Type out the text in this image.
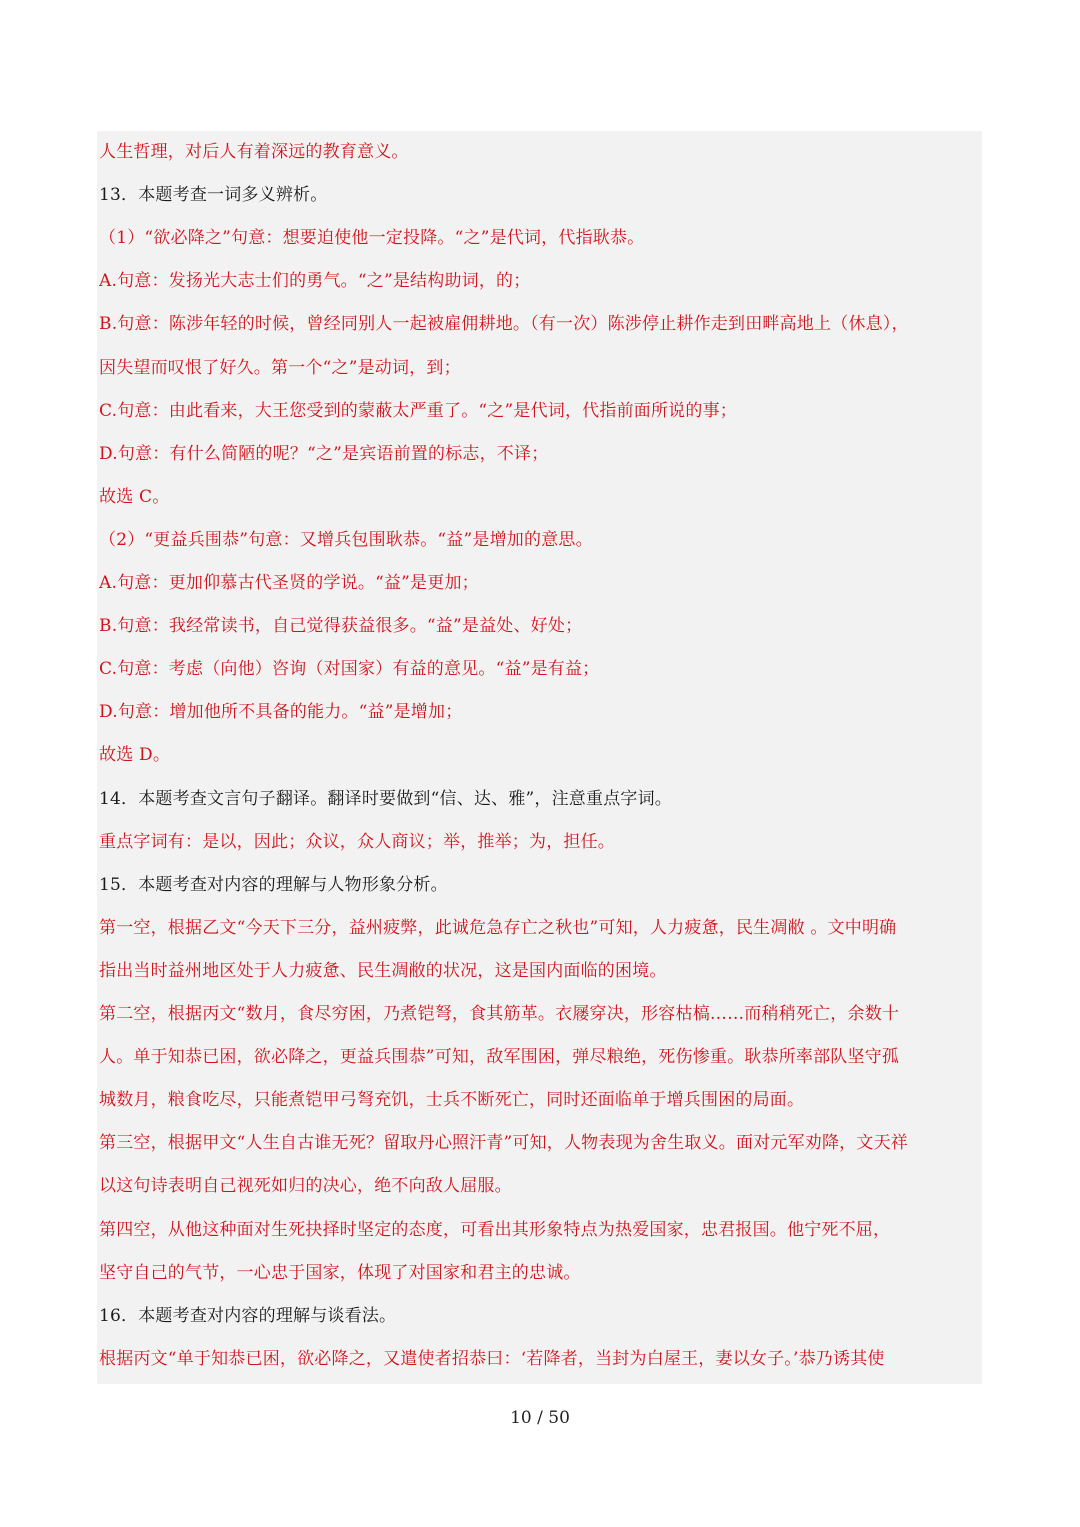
人生哲理，对后人有着深远的教育意义。
13．本题考查一词多义辨析。
（1）“欲必降之”句意：想要迫使他一定投降。“之”是代词，代指耿恭。
A.句意：发扬光大志士们的勇气。“之”是结构助词，的；
B.句意：陈涉年轻的时候，曾经同别人一起被雇佣耕地。（有一次）陈涉停止耕作走到田畔高地上（休息），
因失望而叹恨了好久。第一个“之”是动词，到；
C.句意：由此看来，大王您受到的蒙蔽太严重了。“之”是代词，代指前面所说的事；
D.句意：有什么简陋的呢？“之”是宾语前置的标志，不译；
故选 C。
（2）“更益兵围恭”句意：又增兵包围耿恭。“益”是增加的意思。
A.句意：更加仰慕古代圣贤的学说。“益”是更加；
B.句意：我经常读书，自己觉得获益很多。“益”是益处、好处；
C.句意：考虑（向他）咨询（对国家）有益的意见。“益”是有益；
D.句意：增加他所不具备的能力。“益”是增加；
故选 D。
14．本题考查文言句子翻译。翻译时要做到“信、达、雅”，注意重点字词。
重点字词有：是以，因此；众议，众人商议；举，推举；为，担任。
15．本题考查对内容的理解与人物形象分析。
第一空，根据乙文“今天下三分，益州疲弊，此诚危急存亡之秋也”可知，人力疲惫，民生凋敝 。文中明确
指出当时益州地区处于人力疲惫、民生凋敝的状况，这是国内面临的困境。
第二空，根据丙文“数月，食尽穷困，乃煮铠弩，食其筋革。衣屦穿决，形容枯槁……而稍稍死亡，余数十
人。单于知恭已困，欲必降之，更益兵围恭”可知，敌军围困，弹尽粮绝，死伤惨重。耿恭所率部队坚守孤
城数月，粮食吃尽，只能煮铠甲弓弩充饥，士兵不断死亡，同时还面临单于增兵围困的局面。
第三空，根据甲文“人生自古谁无死？留取丹心照汗青”可知，人物表现为舍生取义。面对元军劝降，文天祥
以这句诗表明自己视死如归的决心，绝不向敌人屈服。
第四空，从他这种面对生死抉择时坚定的态度，可看出其形象特点为热爱国家，忠君报国。他宁死不屈，
坚守自己的气节，一心忠于国家，体现了对国家和君主的忠诚。
16．本题考查对内容的理解与谈看法。
根据丙文“单于知恭已困，欲必降之，又遣使者招恭曰：‘若降者，当封为白屋王，妻以女子。’恭乃诱其使
10 / 50
